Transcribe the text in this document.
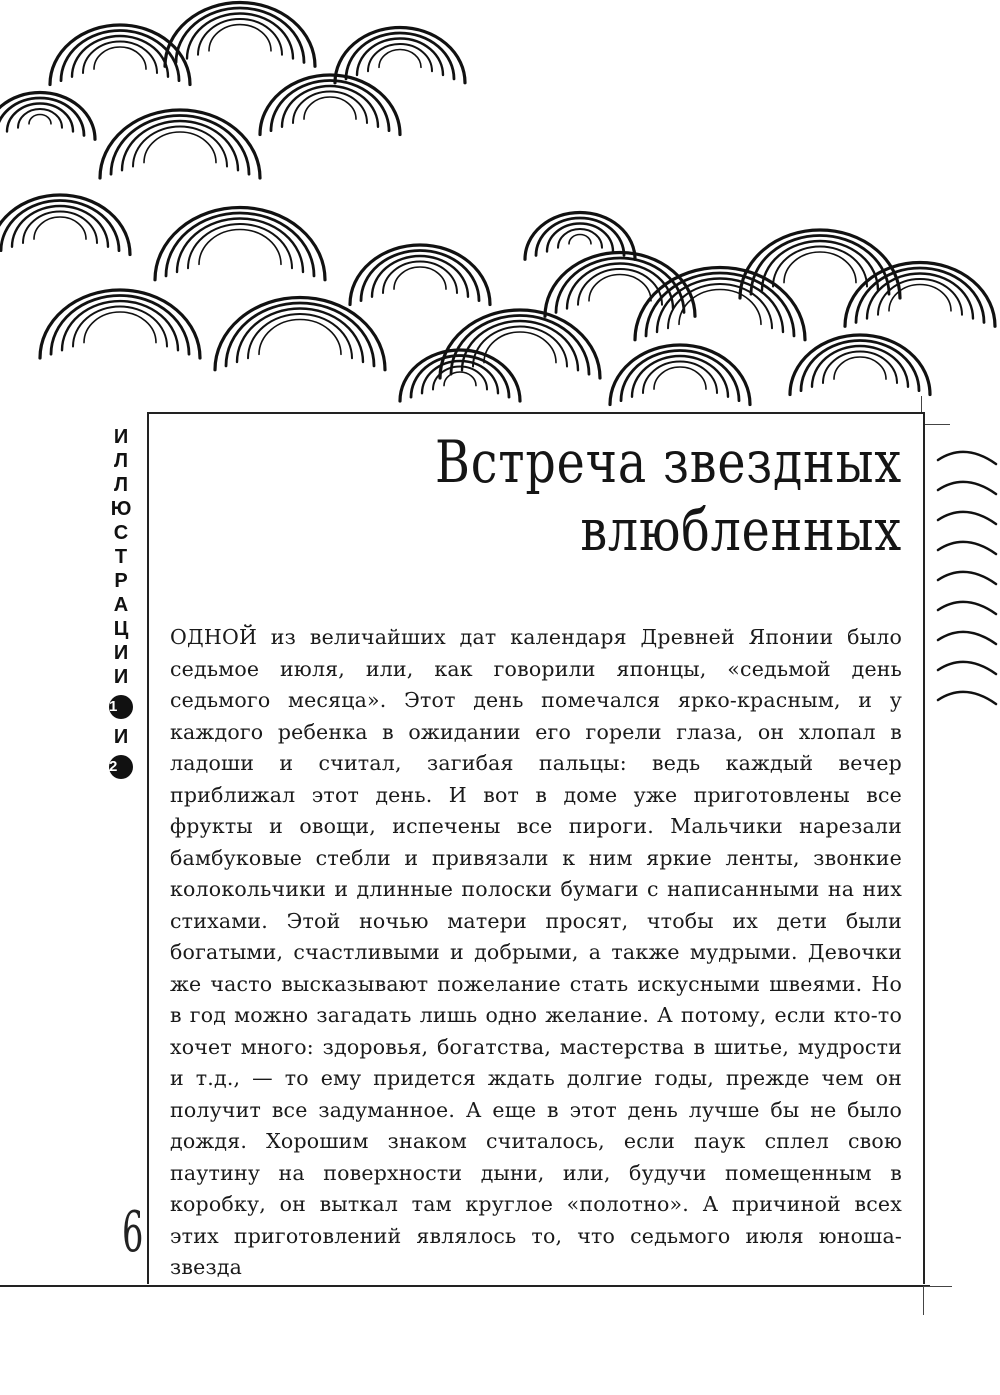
И
Л
Л
Ю
С
Т
Р
А
Ц
И
И
1
И
2
Встреча звездных
влюбленных

ОДНОЙ из величайших дат календаря Древней Японии было седьмое июля, или, как говорили японцы, «седьмой день седьмого месяца». Этот день помечался ярко-красным, и у каждого ребенка в ожидании его горели глаза, он хлопал в ладоши и считал, загибая пальцы: ведь каждый вечер приближал этот день. И вот в доме уже приготовлены все фрукты и овощи, испечены все пироги. Мальчики нарезали бамбуковые стебли и привязали к ним яркие ленты, звонкие колокольчики и длинные полоски бумаги с написанными на них стихами. Этой ночью матери просят, чтобы их дети были богатыми, счастливыми и добрыми, а также мудрыми. Девочки же часто высказывают пожелание стать искусными швеями. Но в год можно загадать лишь одно желание. А потому, если кто-то хочет много: здоровья, богатства, мастерства в шитье, мудрости и т.д., — то ему придется ждать долгие годы, прежде чем он получит все задуманное. А еще в этот день лучше бы не было дождя. Хорошим знаком считалось, если паук сплел свою паутину на поверхности дыни, или, будучи помещенным в коробку, он выткал там круглое «полотно». А причиной всех этих приготовлений являлось то, что седьмого июля юноша-звезда

6
